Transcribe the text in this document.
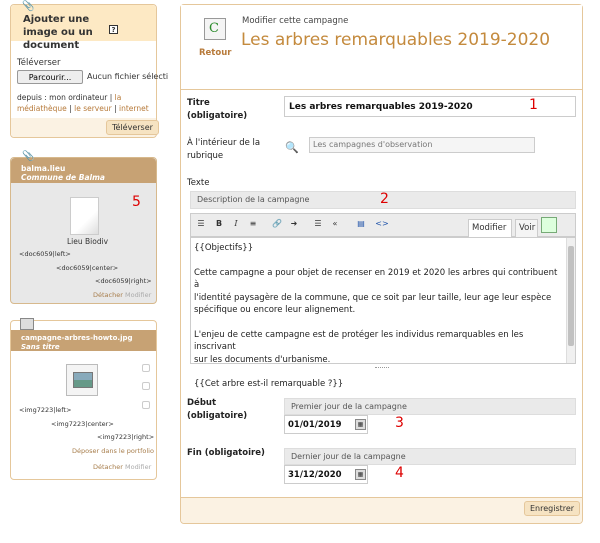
📎
Ajouter une image ou un document
?
Téléverser
Parcourir...	Aucun fichier sélecti
depuis : mon ordinateur | la médiathèque | le serveur | internet
Téléverser
📎
balma.lieu
Commune de Balma
Lieu Biodiv
<doc6059|left>
<doc6059|center>
<doc6059|right>
Détacher Modifier
5
campagne-arbres-howto.jpg
Sans titre
<img7223|left>
<img7223|center>
<img7223|right>
Déposer dans le portfolio
Détacher Modifier
C
Retour
Modifier cette campagne
Les arbres remarquables 2019-2020
Titre (obligatoire)
Les arbres remarquables 2019-2020	1
À l'intérieur de la rubrique
🔍 Les campagnes d'observation
Texte
Description de la campagne	2
☰	B	I	≡	🔗	➜	☰	«	▤	<>	Modifier Voir
{{Objectifs}}
Cette campagne a pour objet de recenser en 2019 et 2020 les arbres qui contribuent à
l'identité paysagère de la commune, que ce soit par leur taille, leur age leur espèce
spécifique ou encore leur alignement.
L'enjeu de cette campagne est de protéger les individus remarquables en les inscrivant
sur les documents d'urbanisme.
{{Cet arbre est-il remarquable ?}}
Début (obligatoire)
Premier jour de la campagne
01/01/2019	▦ 3
Fin (obligatoire)	Dernier jour de la campagne
31/12/2020	▦ 4
Enregistrer
